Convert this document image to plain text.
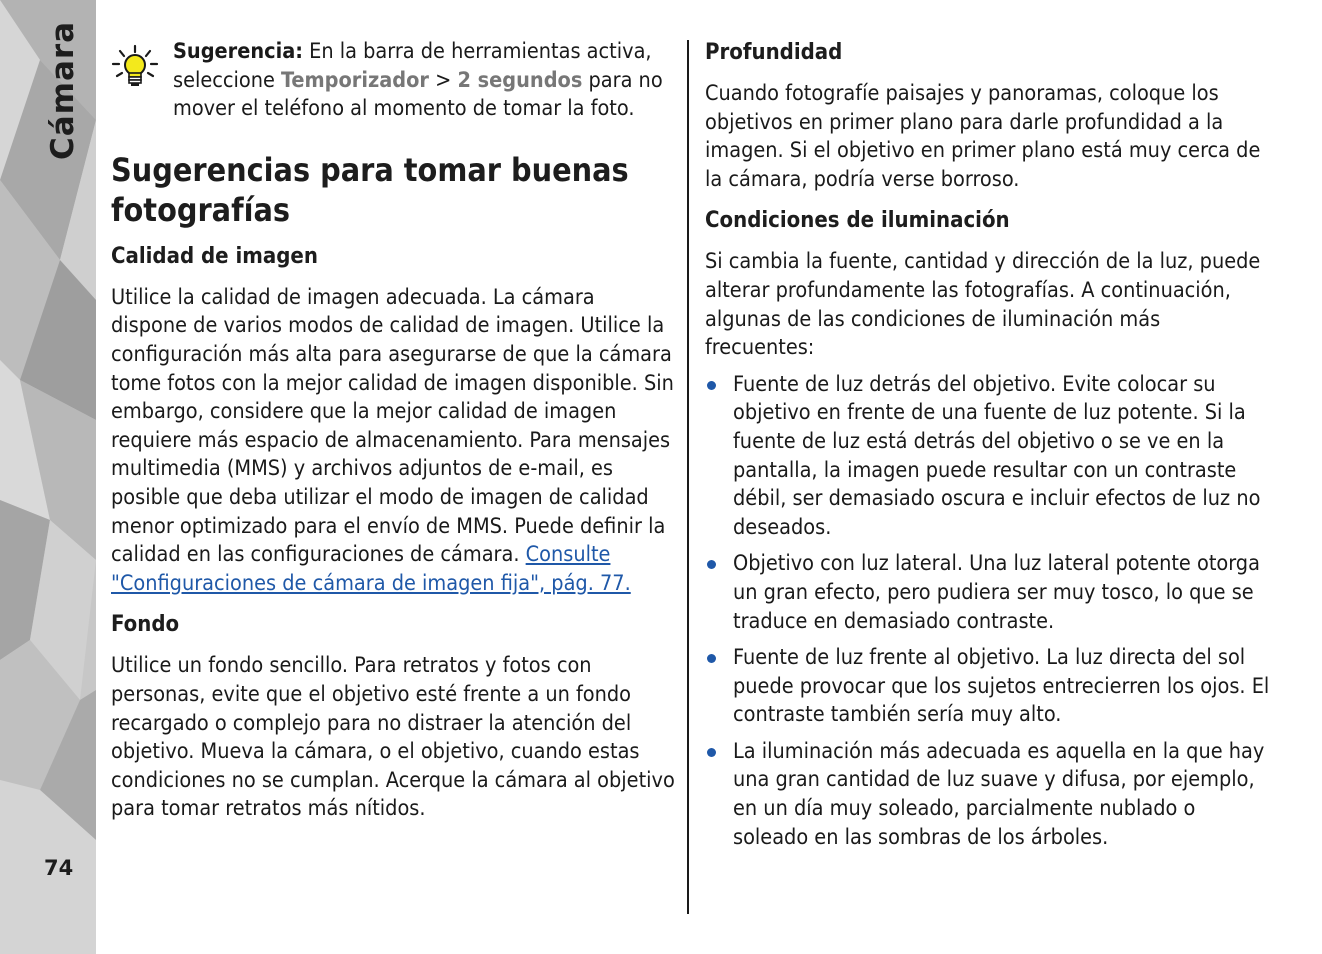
Cámara
74
Sugerencia: En la barra de herramientas activa, seleccione Temporizador > 2 segundos para no mover el teléfono al momento de tomar la foto.
Sugerencias para tomar buenas fotografías
Calidad de imagen

Utilice la calidad de imagen adecuada. La cámara dispone de varios modos de calidad de imagen. Utilice la configuración más alta para asegurarse de que la cámara tome fotos con la mejor calidad de imagen disponible. Sin embargo, considere que la mejor calidad de imagen requiere más espacio de almacenamiento. Para mensajes multimedia (MMS) y archivos adjuntos de e-mail, es posible que deba utilizar el modo de imagen de calidad menor optimizado para el envío de MMS. Puede definir la calidad en las configuraciones de cámara. Consulte "Configuraciones de cámara de imagen fija", pág. 77.

Fondo

Utilice un fondo sencillo. Para retratos y fotos con personas, evite que el objetivo esté frente a un fondo recargado o complejo para no distraer la atención del objetivo. Mueva la cámara, o el objetivo, cuando estas condiciones no se cumplan. Acerque la cámara al objetivo para tomar retratos más nítidos.

Profundidad

Cuando fotografíe paisajes y panoramas, coloque los objetivos en primer plano para darle profundidad a la imagen. Si el objetivo en primer plano está muy cerca de la cámara, podría verse borroso.

Condiciones de iluminación

Si cambia la fuente, cantidad y dirección de la luz, puede alterar profundamente las fotografías. A continuación, algunas de las condiciones de iluminación más frecuentes:

Fuente de luz detrás del objetivo. Evite colocar su objetivo en frente de una fuente de luz potente. Si la fuente de luz está detrás del objetivo o se ve en la pantalla, la imagen puede resultar con un contraste débil, ser demasiado oscura e incluir efectos de luz no deseados.
Objetivo con luz lateral. Una luz lateral potente otorga un gran efecto, pero pudiera ser muy tosco, lo que se traduce en demasiado contraste.
Fuente de luz frente al objetivo. La luz directa del sol puede provocar que los sujetos entrecierren los ojos. El contraste también sería muy alto.
La iluminación más adecuada es aquella en la que hay una gran cantidad de luz suave y difusa, por ejemplo, en un día muy soleado, parcialmente nublado o soleado en las sombras de los árboles.
